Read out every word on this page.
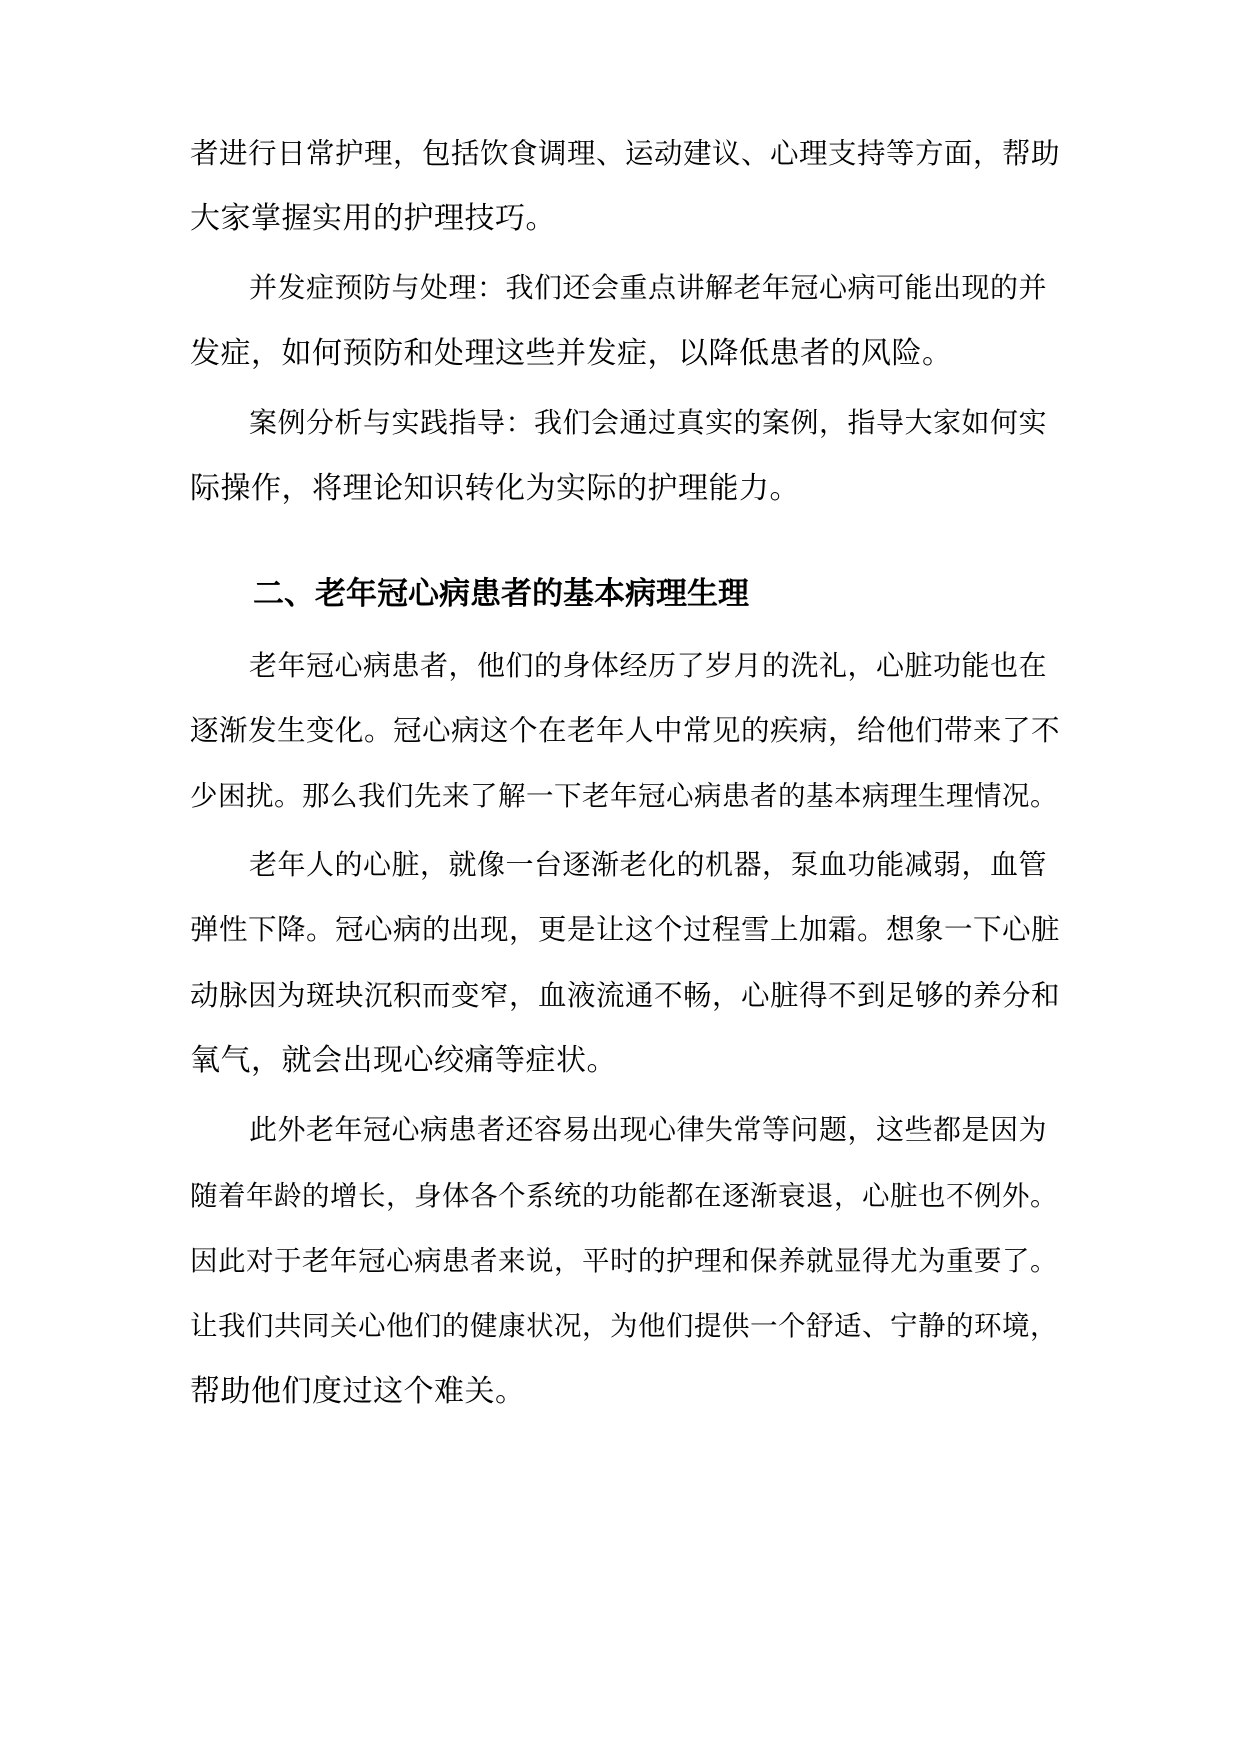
者进行日常护理，包括饮食调理、运动建议、心理支持等方面，帮助
大家掌握实用的护理技巧。
并发症预防与处理：我们还会重点讲解老年冠心病可能出现的并
发症，如何预防和处理这些并发症，以降低患者的风险。
案例分析与实践指导：我们会通过真实的案例，指导大家如何实
际操作，将理论知识转化为实际的护理能力。
二、老年冠心病患者的基本病理生理
老年冠心病患者，他们的身体经历了岁月的洗礼，心脏功能也在
逐渐发生变化。冠心病这个在老年人中常见的疾病，给他们带来了不
少困扰。那么我们先来了解一下老年冠心病患者的基本病理生理情况。
老年人的心脏，就像一台逐渐老化的机器，泵血功能减弱，血管
弹性下降。冠心病的出现，更是让这个过程雪上加霜。想象一下心脏
动脉因为斑块沉积而变窄，血液流通不畅，心脏得不到足够的养分和
氧气，就会出现心绞痛等症状。
此外老年冠心病患者还容易出现心律失常等问题，这些都是因为
随着年龄的增长，身体各个系统的功能都在逐渐衰退，心脏也不例外。
因此对于老年冠心病患者来说，平时的护理和保养就显得尤为重要了。
让我们共同关心他们的健康状况，为他们提供一个舒适、宁静的环境，
帮助他们度过这个难关。
